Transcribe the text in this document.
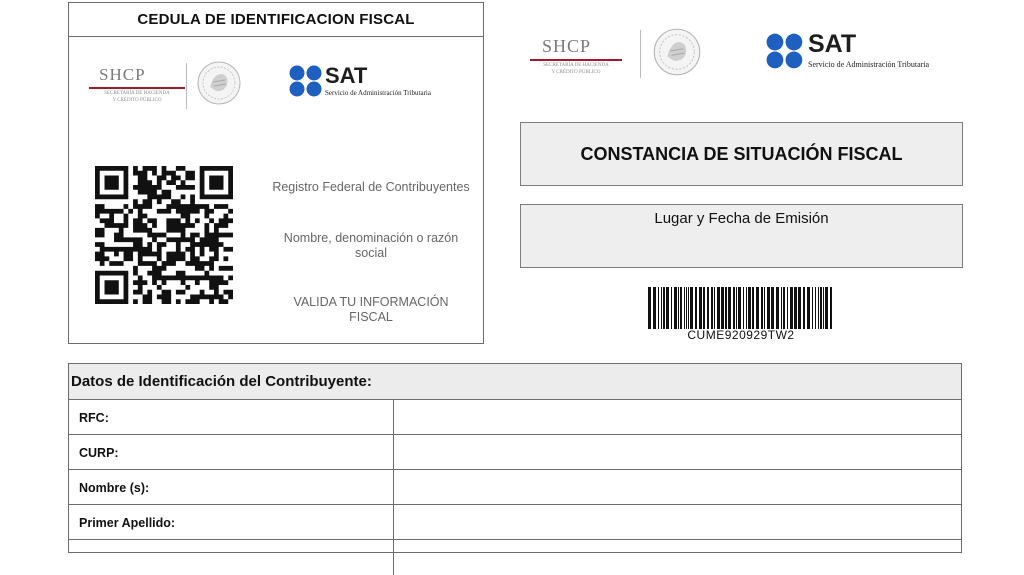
CEDULA DE IDENTIFICACION FISCAL
SHCP
SECRETARÍA DE HACIENDA
Y CRÉDITO PÚBLICO
SAT
Servicio de Administración Tributaria
Registro Federal de Contribuyentes
Nombre, denominación o razón
social
VALIDA TU INFORMACIÓN
FISCAL
SHCP
SECRETARÍA DE HACIENDA
Y CRÉDITO PÚBLICO
SAT
Servicio de Administración Tributaria
CONSTANCIA DE SITUACIÓN FISCAL
Lugar y Fecha de Emisión
CUME920929TW2
Datos de Identificación del Contribuyente:
RFC:
CURP:
Nombre (s):
Primer Apellido:
